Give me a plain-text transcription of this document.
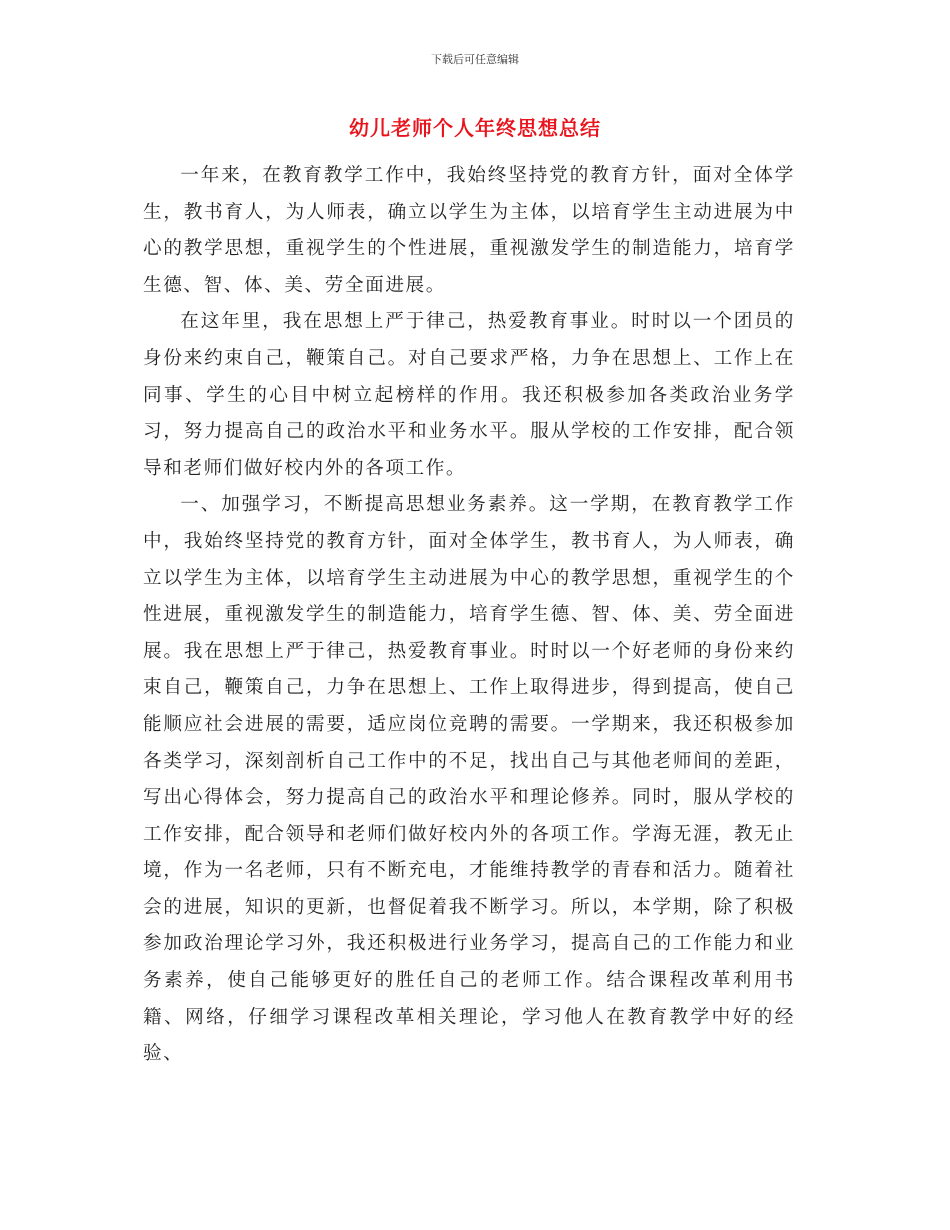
下载后可任意编辑
幼儿老师个人年终思想总结

一年来，在教育教学工作中，我始终坚持党的教育方针，面对全体学生，教书育人，为人师表，确立以学生为主体，以培育学生主动进展为中心的教学思想，重视学生的个性进展，重视激发学生的制造能力，培育学生德、智、体、美、劳全面进展。

在这年里，我在思想上严于律己，热爱教育事业。时时以一个团员的身份来约束自己，鞭策自己。对自己要求严格，力争在思想上、工作上在同事、学生的心目中树立起榜样的作用。我还积极参加各类政治业务学习，努力提高自己的政治水平和业务水平。服从学校的工作安排，配合领导和老师们做好校内外的各项工作。

一、加强学习，不断提高思想业务素养。这一学期，在教育教学工作中，我始终坚持党的教育方针，面对全体学生，教书育人，为人师表，确立以学生为主体，以培育学生主动进展为中心的教学思想，重视学生的个性进展，重视激发学生的制造能力，培育学生德、智、体、美、劳全面进展。我在思想上严于律己，热爱教育事业。时时以一个好老师的身份来约束自己，鞭策自己，力争在思想上、工作上取得进步，得到提高，使自己能顺应社会进展的需要，适应岗位竞聘的需要。一学期来，我还积极参加各类学习，深刻剖析自己工作中的不足，找出自己与其他老师间的差距，写出心得体会，努力提高自己的政治水平和理论修养。同时，服从学校的工作安排，配合领导和老师们做好校内外的各项工作。学海无涯，教无止境，作为一名老师，只有不断充电，才能维持教学的青春和活力。随着社会的进展，知识的更新，也督促着我不断学习。所以，本学期，除了积极参加政治理论学习外，我还积极进行业务学习，提高自己的工作能力和业务素养，使自己能够更好的胜任自己的老师工作。结合课程改革利用书籍、网络，仔细学习课程改革相关理论，学习他人在教育教学中好的经验、
